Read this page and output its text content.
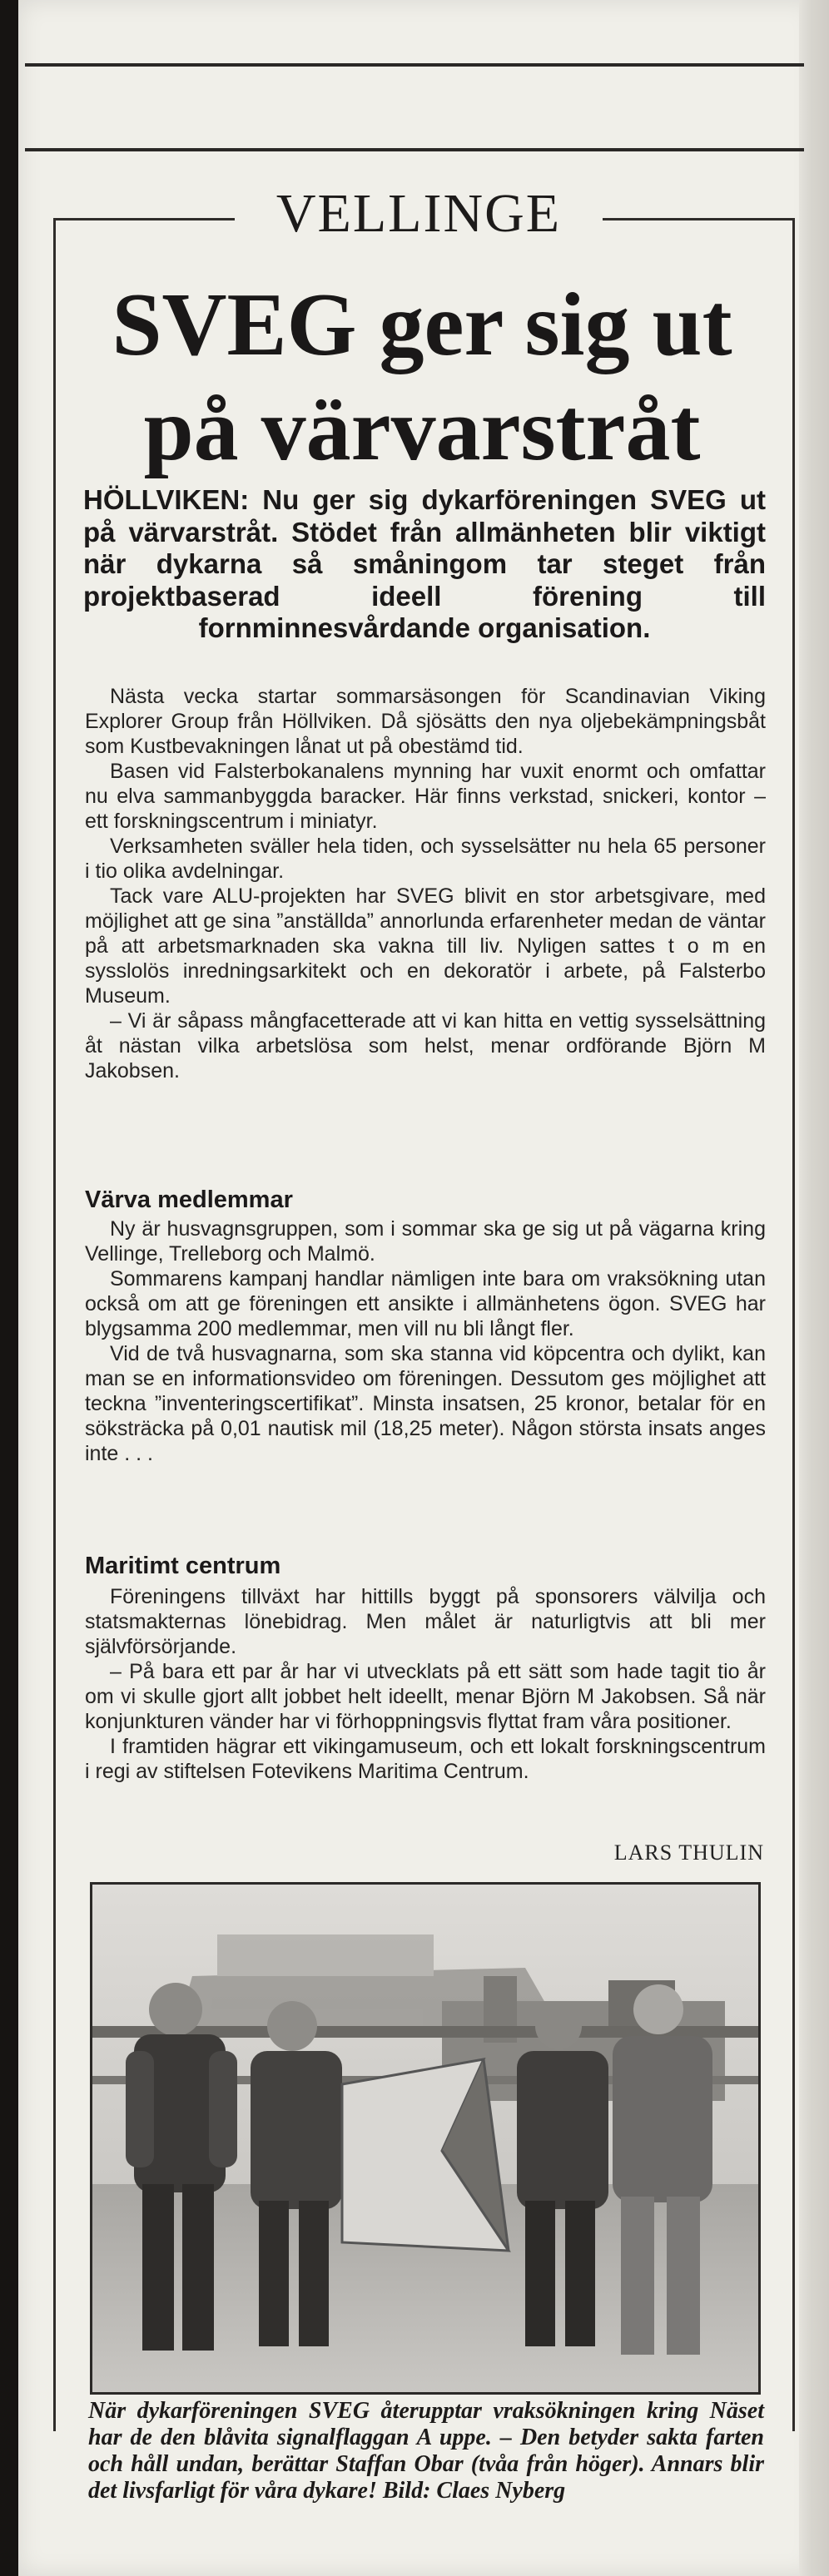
VELLINGE
SVEG ger sig ut på värvarstråt
HÖLLVIKEN: Nu ger sig dykarföreningen SVEG ut på värvarstråt. Stödet från allmänheten blir viktigt när dykarna så småningom tar steget från projektbaserad ideell förening till fornminnesvårdande organisation.

Nästa vecka startar sommarsäsongen för Scandinavian Viking Explorer Group från Höllviken. Då sjösätts den nya oljebekämpningsbåt som Kustbevakningen lånat ut på obestämd tid.

Basen vid Falsterbokanalens mynning har vuxit enormt och omfattar nu elva sammanbyggda baracker. Här finns verkstad, snickeri, kontor – ett forskningscentrum i miniatyr.

Verksamheten sväller hela tiden, och sysselsätter nu hela 65 personer i tio olika avdelningar.

Tack vare ALU-projekten har SVEG blivit en stor arbetsgivare, med möjlighet att ge sina ”anställda” annorlunda erfarenheter medan de väntar på att arbetsmarknaden ska vakna till liv. Nyligen sattes t o m en sysslolös inredningsarkitekt och en dekoratör i arbete, på Falsterbo Museum.

– Vi är såpass mångfacetterade att vi kan hitta en vettig sysselsättning åt nästan vilka arbetslösa som helst, menar ordförande Björn M Jakobsen.

Värva medlemmar

Ny är husvagnsgruppen, som i sommar ska ge sig ut på vägarna kring Vellinge, Trelleborg och Malmö.

Sommarens kampanj handlar nämligen inte bara om vraksökning utan också om att ge föreningen ett ansikte i allmänhetens ögon. SVEG har blygsamma 200 medlemmar, men vill nu bli långt fler.

Vid de två husvagnarna, som ska stanna vid köpcentra och dylikt, kan man se en informationsvideo om föreningen. Dessutom ges möjlighet att teckna ”inventeringscertifikat”. Minsta insatsen, 25 kronor, betalar för en söksträcka på 0,01 nautisk mil (18,25 meter). Någon största insats anges inte . . .

Maritimt centrum

Föreningens tillväxt har hittills byggt på sponsorers välvilja och statsmakternas lönebidrag. Men målet är naturligtvis att bli mer självförsörjande.

– På bara ett par år har vi utvecklats på ett sätt som hade tagit tio år om vi skulle gjort allt jobbet helt ideellt, menar Björn M Jakobsen. Så när konjunkturen vänder har vi förhoppningsvis flyttat fram våra positioner.

I framtiden hägrar ett vikingamuseum, och ett lokalt forskningscentrum i regi av stiftelsen Fotevikens Maritima Centrum.

LARS THULIN
När dykarföreningen SVEG återupptar vraksökningen kring Näset har de den blåvita signalflaggan A uppe. – Den betyder sakta farten och håll undan, berättar Staffan Obar (tvåa från höger). Annars blir det livsfarligt för våra dykare! Bild: Claes Nyberg
